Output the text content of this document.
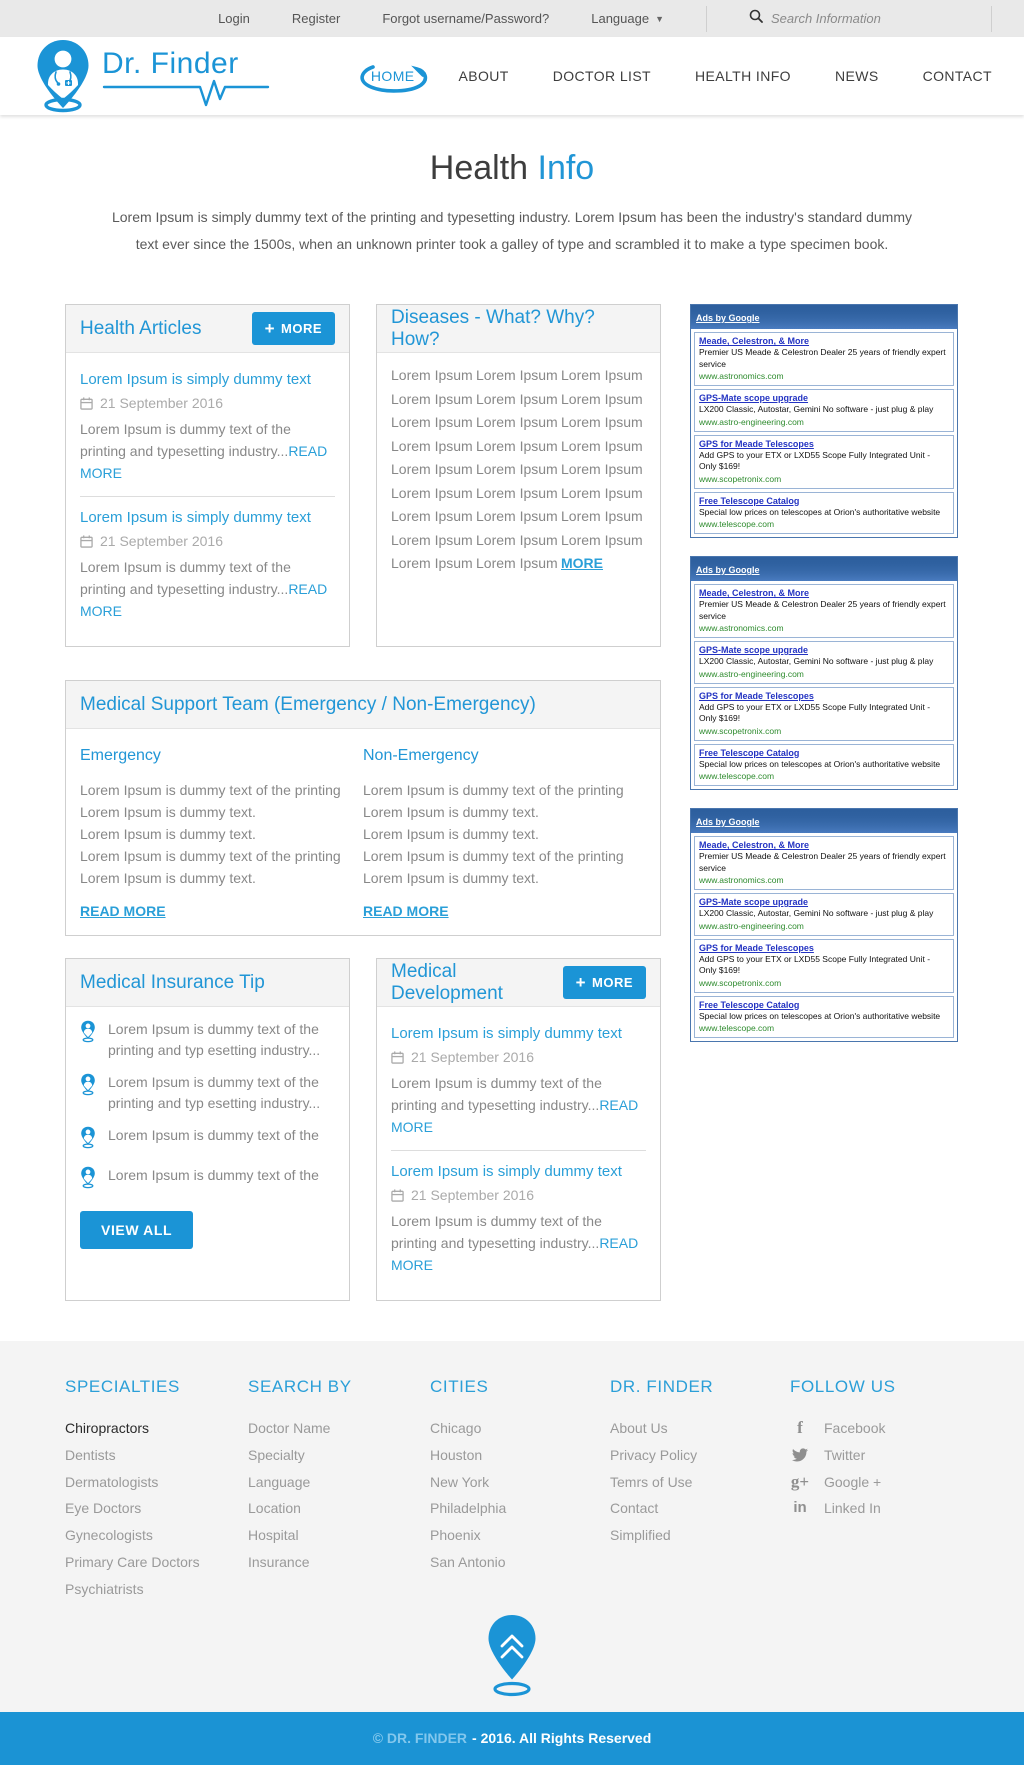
Login	Register	Forgot username/Password?	Language ▼
Search Information
Dr. Finder	HOME	ABOUT	DOCTOR LIST	HEALTH INFO	NEWS	CONTACT
Health Info

Lorem Ipsum is simply dummy text of the printing and typesetting industry. Lorem Ipsum has been the industry's standard dummy text ever since the 1500s, when an unknown printer took a galley of type and scrambled it to make a type specimen book.

Health Articles	+ MORE
Lorem Ipsum is simply dummy text
21 September 2016
Lorem Ipsum is dummy text of the printing and typesetting industry...READ MORE
Lorem Ipsum is simply dummy text
21 September 2016
Lorem Ipsum is dummy text of the printing and typesetting industry...READ MORE
Diseases - What? Why? How?
Lorem Ipsum Lorem Ipsum Lorem Ipsum
Lorem Ipsum Lorem Ipsum Lorem Ipsum
Lorem Ipsum Lorem Ipsum Lorem Ipsum
Lorem Ipsum Lorem Ipsum Lorem Ipsum
Lorem Ipsum Lorem Ipsum Lorem Ipsum
Lorem Ipsum Lorem Ipsum Lorem Ipsum
Lorem Ipsum Lorem Ipsum Lorem Ipsum
Lorem Ipsum Lorem Ipsum Lorem Ipsum
Lorem Ipsum Lorem Ipsum MORE
Medical Support Team (Emergency / Non-Emergency)
Emergency
Lorem Ipsum is dummy text of the printing
Lorem Ipsum is dummy text.
Lorem Ipsum is dummy text.
Lorem Ipsum is dummy text of the printing
Lorem Ipsum is dummy text.
READ MORE
Non-Emergency
Lorem Ipsum is dummy text of the printing
Lorem Ipsum is dummy text.
Lorem Ipsum is dummy text.
Lorem Ipsum is dummy text of the printing
Lorem Ipsum is dummy text.
READ MORE
Medical Insurance Tip
Lorem Ipsum is dummy text of the printing and typ esetting industry...
Lorem Ipsum is dummy text of the printing and typ esetting industry...
Lorem Ipsum is dummy text of the
Lorem Ipsum is dummy text of the
VIEW ALL
Medical Development	+ MORE
Lorem Ipsum is simply dummy text
21 September 2016
Lorem Ipsum is dummy text of the printing and typesetting industry...READ MORE
Lorem Ipsum is simply dummy text
21 September 2016
Lorem Ipsum is dummy text of the printing and typesetting industry...READ MORE
Ads by Google
Meade, Celestron, & More
Premier US Meade & Celestron Dealer 25 years of friendly expert service
www.astronomics.com
GPS-Mate scope upgrade
LX200 Classic, Autostar, Gemini No software - just plug & play
www.astro-engineering.com
GPS for Meade Telescopes
Add GPS to your ETX or LXD55 Scope Fully Integrated Unit - Only $169!
www.scopetronix.com
Free Telescope Catalog
Special low prices on telescopes at Orion's authoritative website
www.telescope.com
Ads by Google
Meade, Celestron, & More
Premier US Meade & Celestron Dealer 25 years of friendly expert service
www.astronomics.com
GPS-Mate scope upgrade
LX200 Classic, Autostar, Gemini No software - just plug & play
www.astro-engineering.com
GPS for Meade Telescopes
Add GPS to your ETX or LXD55 Scope Fully Integrated Unit - Only $169!
www.scopetronix.com
Free Telescope Catalog
Special low prices on telescopes at Orion's authoritative website
www.telescope.com
Ads by Google
Meade, Celestron, & More
Premier US Meade & Celestron Dealer 25 years of friendly expert service
www.astronomics.com
GPS-Mate scope upgrade
LX200 Classic, Autostar, Gemini No software - just plug & play
www.astro-engineering.com
GPS for Meade Telescopes
Add GPS to your ETX or LXD55 Scope Fully Integrated Unit - Only $169!
www.scopetronix.com
Free Telescope Catalog
Special low prices on telescopes at Orion's authoritative website
www.telescope.com
SPECIALTIES
Chiropractors
Dentists
Dermatologists
Eye Doctors
Gynecologists
Primary Care Doctors
Psychiatrists
SEARCH BY
Doctor Name
Specialty
Language
Location
Hospital
Insurance
CITIES
Chicago
Houston
New York
Philadelphia
Phoenix
San Antonio
DR. FINDER
About Us
Privacy Policy
Temrs of Use
Contact
Simplified
FOLLOW US
f	Facebook
Twitter
g+ Google +
in Linked In
© DR. FINDER - 2016. All Rights Reserved
